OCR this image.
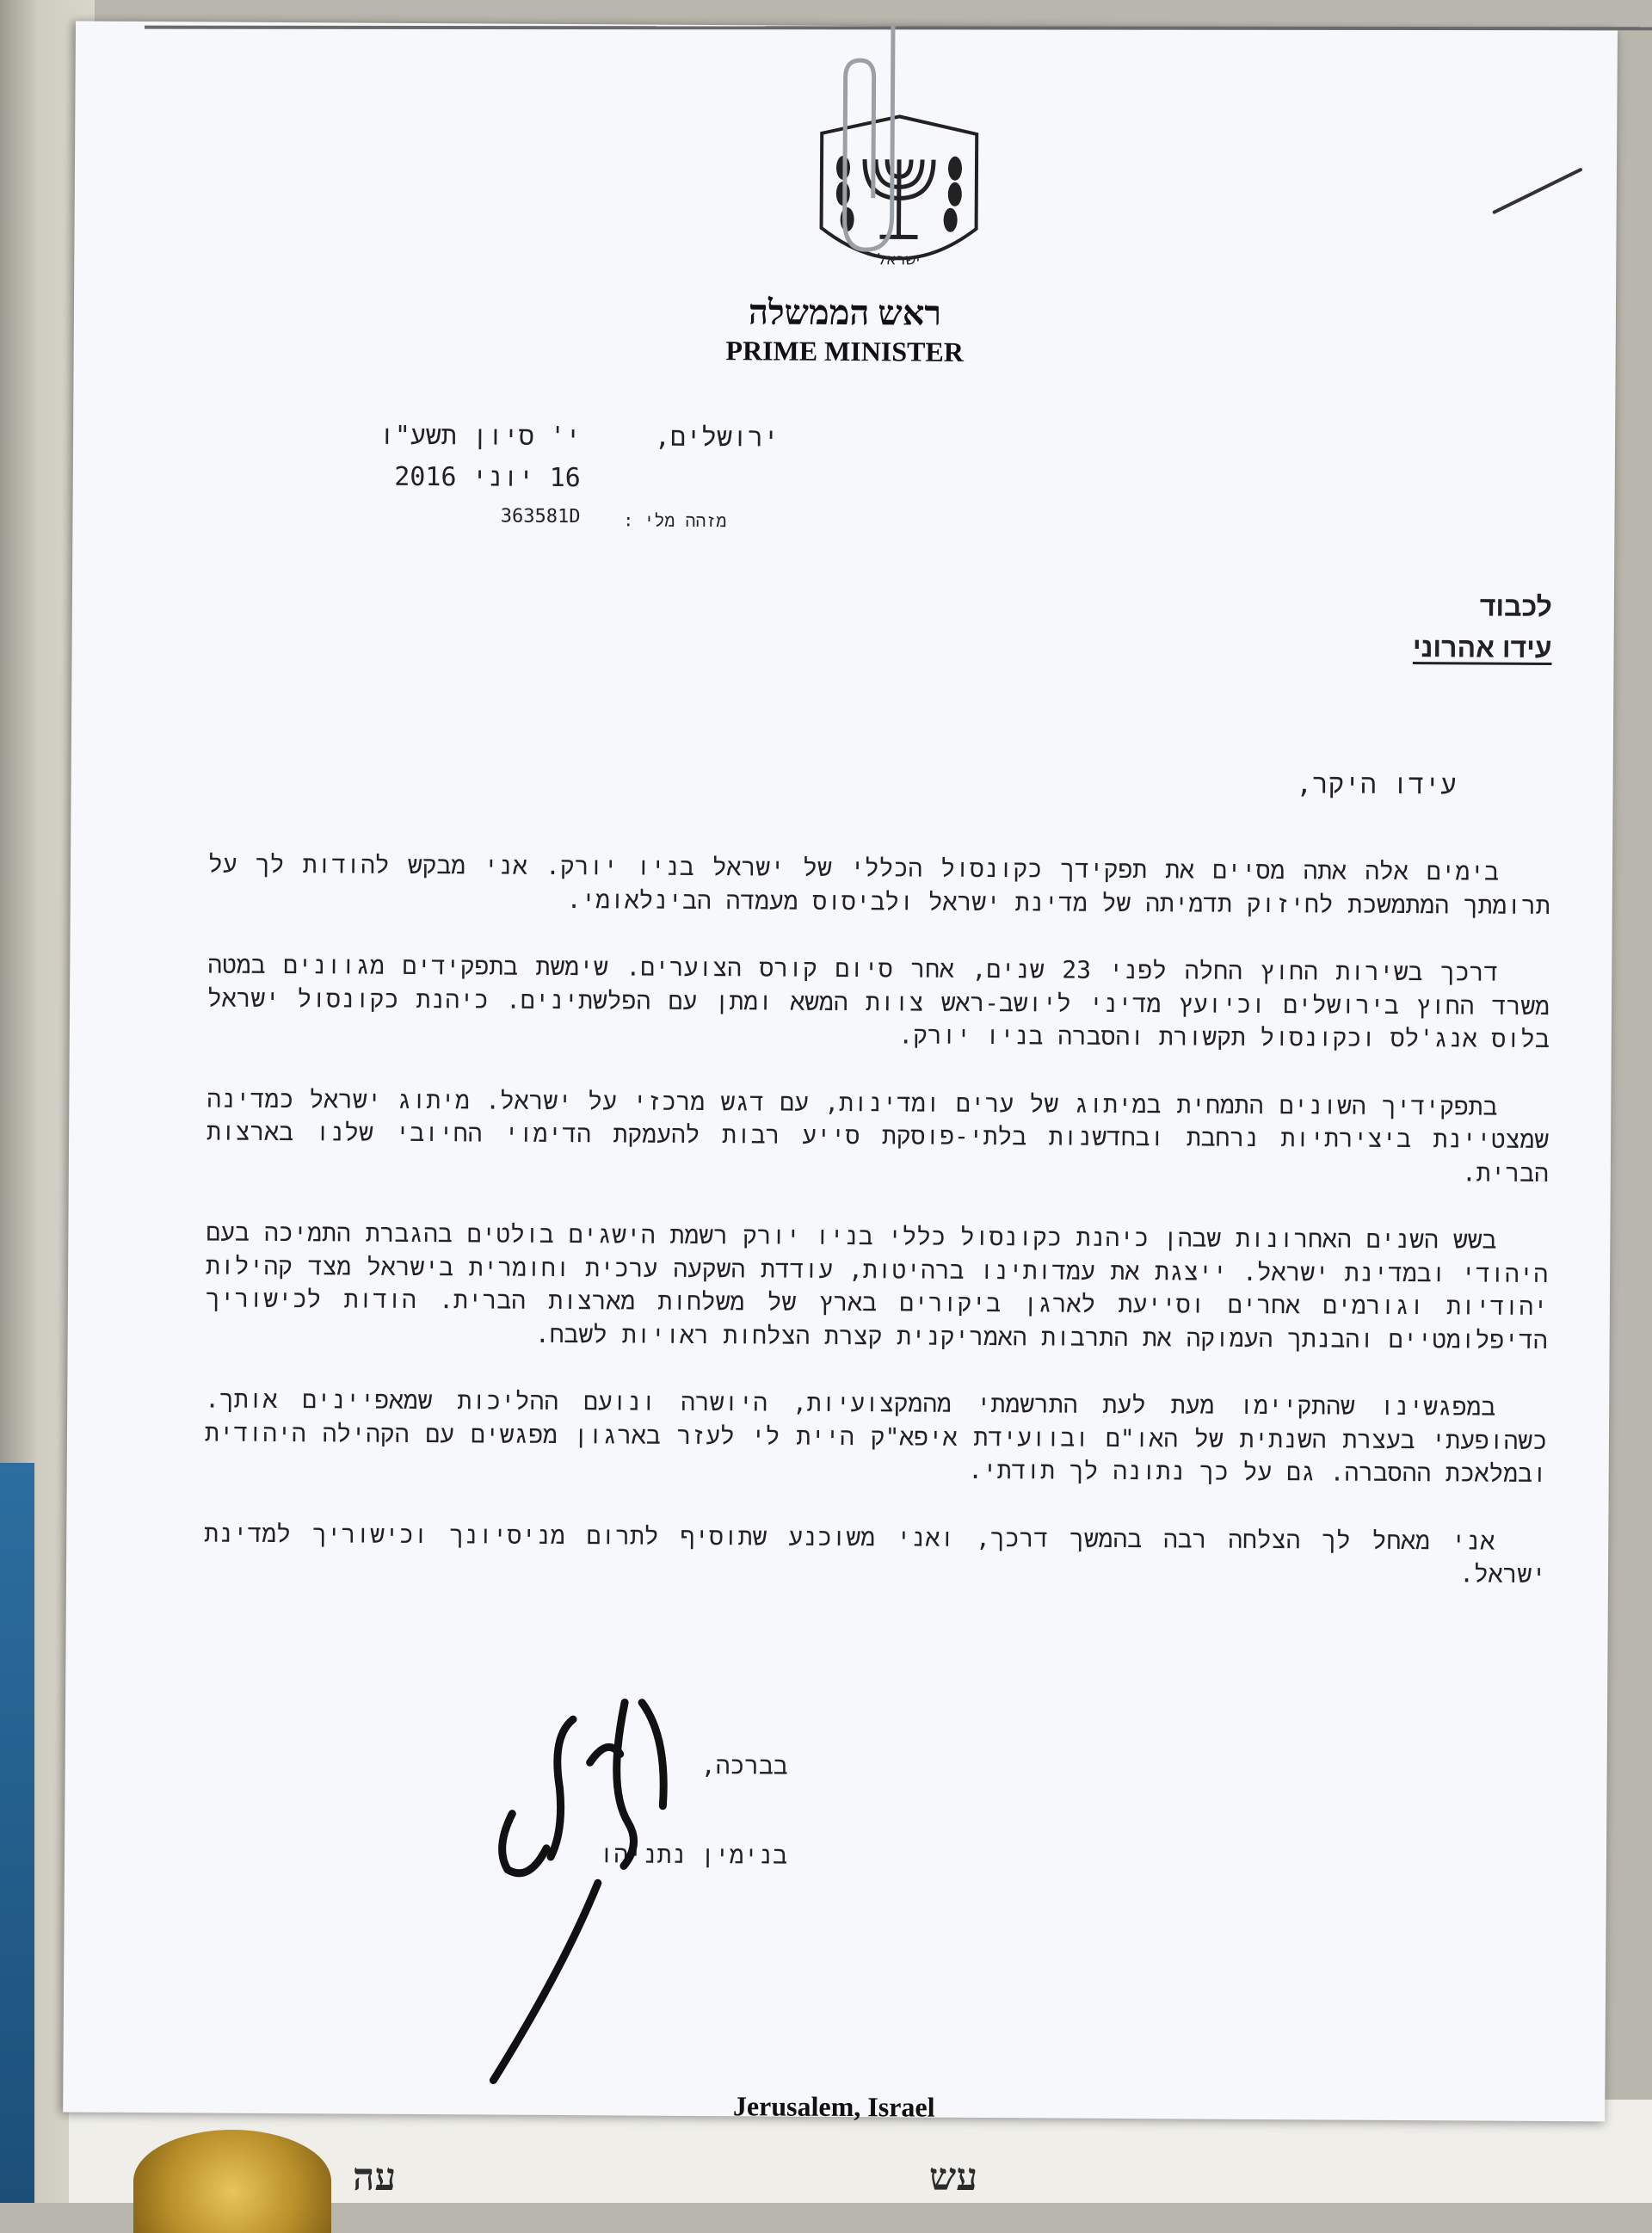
עה	עש
ישראל
ראש הממשלה
PRIME MINISTER
ירושלים,
י' סיון תשע"ו
16 יוני 2016
מזהה מלי :
363581D
לכבוד
עידו אהרוני
עידו היקר,

בימים אלה אתה מסיים את תפקידך כקונסול הכללי של ישראל בניו יורק. אני מבקש להודות לך על תרומתך המתמשכת לחיזוק תדמיתה של מדינת ישראל ולביסוס מעמדה הבינלאומי.

דרכך בשירות החוץ החלה לפני 23 שנים, אחר סיום קורס הצוערים. שימשת בתפקידים מגוונים במטה משרד החוץ בירושלים וכיועץ מדיני ליושב-ראש צוות המשא ומתן עם הפלשתינים. כיהנת כקונסול ישראל בלוס אנג'לס וכקונסול תקשורת והסברה בניו יורק.

בתפקידיך השונים התמחית במיתוג של ערים ומדינות, עם דגש מרכזי על ישראל. מיתוג ישראל כמדינה שמצטיינת ביצירתיות נרחבת ובחדשנות בלתי-פוסקת סייע רבות להעמקת הדימוי החיובי שלנו בארצות הברית.

בשש השנים האחרונות שבהן כיהנת כקונסול כללי בניו יורק רשמת הישגים בולטים בהגברת התמיכה בעם היהודי ובמדינת ישראל. ייצגת את עמדותינו ברהיטות, עודדת השקעה ערכית וחומרית בישראל מצד קהילות יהודיות וגורמים אחרים וסייעת לארגן ביקורים בארץ של משלחות מארצות הברית. הודות לכישוריך הדיפלומטיים והבנתך העמוקה את התרבות האמריקנית קצרת הצלחות ראויות לשבח.

במפגשינו שהתקיימו מעת לעת התרשמתי מהמקצועיות, היושרה ונועם ההליכות שמאפיינים אותך. כשהופעתי בעצרת השנתית של האו"ם ובוועידת איפא"ק היית לי לעזר בארגון מפגשים עם הקהילה היהודית ובמלאכת ההסברה. גם על כך נתונה לך תודתי.

אני מאחל לך הצלחה רבה בהמשך דרכך, ואני משוכנע שתוסיף לתרום מניסיונך וכישוריך למדינת ישראל.

בברכה,
בנימין נתניהו
Jerusalem, Israel
